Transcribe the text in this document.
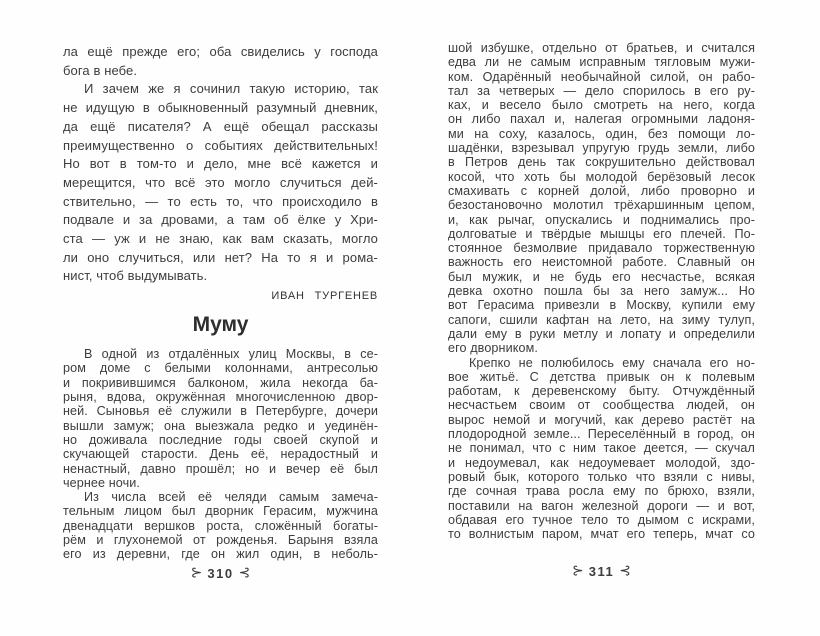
ла ещё прежде его; оба свиделись у господа
бога в небе.
И зачем же я сочинил такую историю, так
не идущую в обыкновенный разумный дневник,
да ещё писателя? А ещё обещал рассказы
преимущественно о событиях действительных!
Но вот в том-то и дело, мне всё кажется и
мерещится, что всё это могло случиться дей-
ствительно, — то есть то, что происходило в
подвале и за дровами, а там об ёлке у Хри-
ста — уж и не знаю, как вам сказать, могло
ли оно случиться, или нет? На то я и рома-
нист, чтоб выдумывать.
ИВАН ТУРГЕНЕВ
Муму
В одной из отдалённых улиц Москвы, в се-
ром доме с белыми колоннами, антресолью
и покривившимся балконом, жила некогда ба-
рыня, вдова, окружённая многочисленною двор-
ней. Сыновья её служили в Петербурге, дочери
вышли замуж; она выезжала редко и уединён-
но доживала последние годы своей скупой и
скучающей старости. День её, нерадостный и
ненастный, давно прошёл; но и вечер её был
чернее ночи.
Из числа всей её челяди самым замеча-
тельным лицом был дворник Герасим, мужчина
двенадцати вершков роста, сложённый богаты-
рём и глухонемой от рожденья. Барыня взяла
его из деревни, где он жил один, в неболь-
шой избушке, отдельно от братьев, и считался
едва ли не самым исправным тягловым мужи-
ком. Одарённый необычайной силой, он рабо-
тал за четверых — дело спорилось в его ру-
ках, и весело было смотреть на него, когда
он либо пахал и, налегая огромными ладоня-
ми на соху, казалось, один, без помощи ло-
шадёнки, взрезывал упругую грудь земли, либо
в Петров день так сокрушительно действовал
косой, что хоть бы молодой берёзовый лесок
смахивать с корней долой, либо проворно и
безостановочно молотил трёхаршинным цепом,
и, как рычаг, опускались и поднимались про-
долговатые и твёрдые мышцы его плечей. По-
стоянное безмолвие придавало торжественную
важность его неистомной работе. Славный он
был мужик, и не будь его несчастье, всякая
девка охотно пошла бы за него замуж... Но
вот Герасима привезли в Москву, купили ему
сапоги, сшили кафтан на лето, на зиму тулуп,
дали ему в руки метлу и лопату и определили
его дворником.
Крепко не полюбилось ему сначала его но-
вое житьё. С детства привык он к полевым
работам, к деревенскому быту. Отчуждённый
несчастьем своим от сообщества людей, он
вырос немой и могучий, как дерево растёт на
плодородной земле... Переселённый в город, он
не понимал, что с ним такое деется, — скучал
и недоумевал, как недоумевает молодой, здо-
ровый бык, которого только что взяли с нивы,
где сочная трава росла ему по брюхо, взяли,
поставили на вагон железной дороги — и вот,
обдавая его тучное тело то дымом с искрами,
то волнистым паром, мчат его теперь, мчат со
⊱ 310 ⊰	⊱ 311 ⊰
